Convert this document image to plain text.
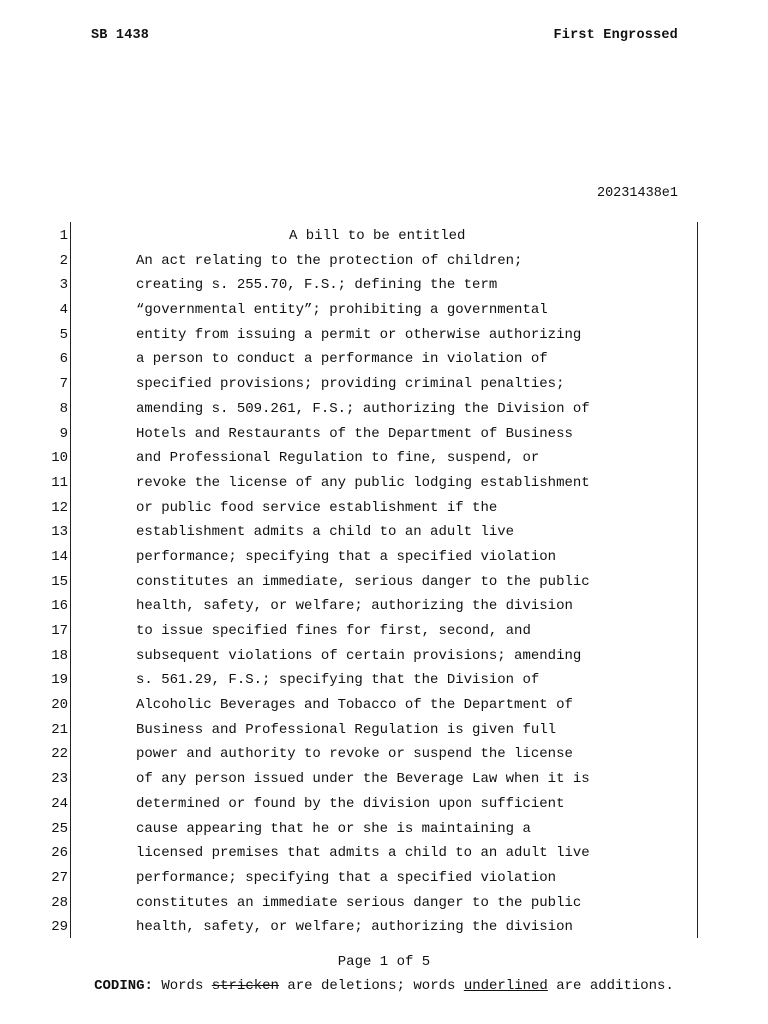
SB 1438	First Engrossed
20231438e1
1	A bill to be entitled
2	An act relating to the protection of children;
3	creating s. 255.70, F.S.; defining the term
4	“governmental entity”; prohibiting a governmental
5	entity from issuing a permit or otherwise authorizing
6	a person to conduct a performance in violation of
7	specified provisions; providing criminal penalties;
8	amending s. 509.261, F.S.; authorizing the Division of
9	Hotels and Restaurants of the Department of Business
10	and Professional Regulation to fine, suspend, or
11	revoke the license of any public lodging establishment
12	or public food service establishment if the
13	establishment admits a child to an adult live
14	performance; specifying that a specified violation
15	constitutes an immediate, serious danger to the public
16	health, safety, or welfare; authorizing the division
17	to issue specified fines for first, second, and
18	subsequent violations of certain provisions; amending
19	s. 561.29, F.S.; specifying that the Division of
20	Alcoholic Beverages and Tobacco of the Department of
21	Business and Professional Regulation is given full
22	power and authority to revoke or suspend the license
23	of any person issued under the Beverage Law when it is
24	determined or found by the division upon sufficient
25	cause appearing that he or she is maintaining a
26	licensed premises that admits a child to an adult live
27	performance; specifying that a specified violation
28	constitutes an immediate serious danger to the public
29	health, safety, or welfare; authorizing the division
Page 1 of 5
CODING: Words stricken are deletions; words underlined are additions.
